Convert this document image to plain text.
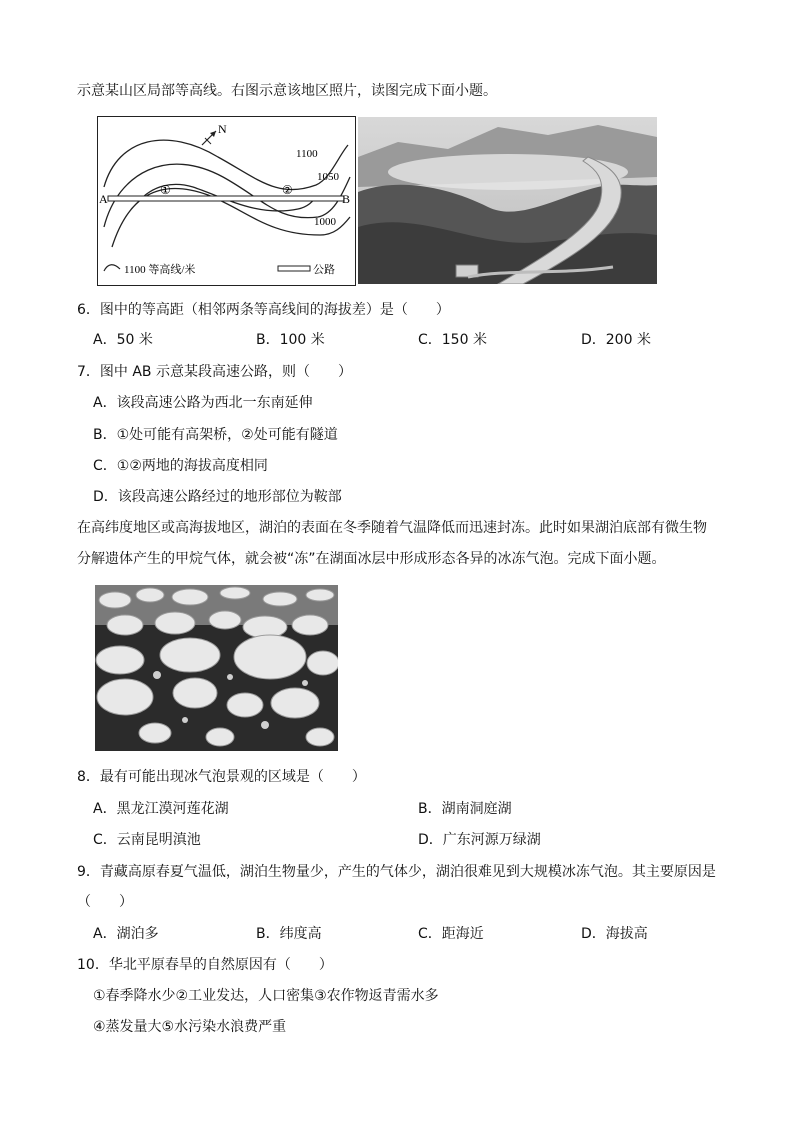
示意某山区局部等高线。右图示意该地区照片，读图完成下面小题。
N
A	B
①	②
1100
1050
1000
1100 等高线/米	公路
6．图中的等高距（相邻两条等高线间的海拔差）是（　　）
A．50 米	B．100 米	C．150 米	D．200 米
7．图中 AB 示意某段高速公路，则（　　）
A．该段高速公路为西北一东南延伸
B．①处可能有高架桥，②处可能有隧道
C．①②两地的海拔高度相同
D．该段高速公路经过的地形部位为鞍部
在高纬度地区或高海拔地区，湖泊的表面在冬季随着气温降低而迅速封冻。此时如果湖泊底部有微生物
分解遗体产生的甲烷气体，就会被“冻”在湖面冰层中形成形态各异的冰冻气泡。完成下面小题。
8．最有可能出现冰气泡景观的区域是（　　）
A．黑龙江漠河莲花湖	B．湖南洞庭湖
C．云南昆明滇池	D．广东河源万绿湖
9．青藏高原春夏气温低，湖泊生物量少，产生的气体少，湖泊很难见到大规模冰冻气泡。其主要原因是
（　　）
A．湖泊多	B．纬度高	C．距海近	D．海拔高
10．华北平原春旱的自然原因有（　　）
①春季降水少②工业发达，人口密集③农作物返青需水多
④蒸发量大⑤水污染水浪费严重
